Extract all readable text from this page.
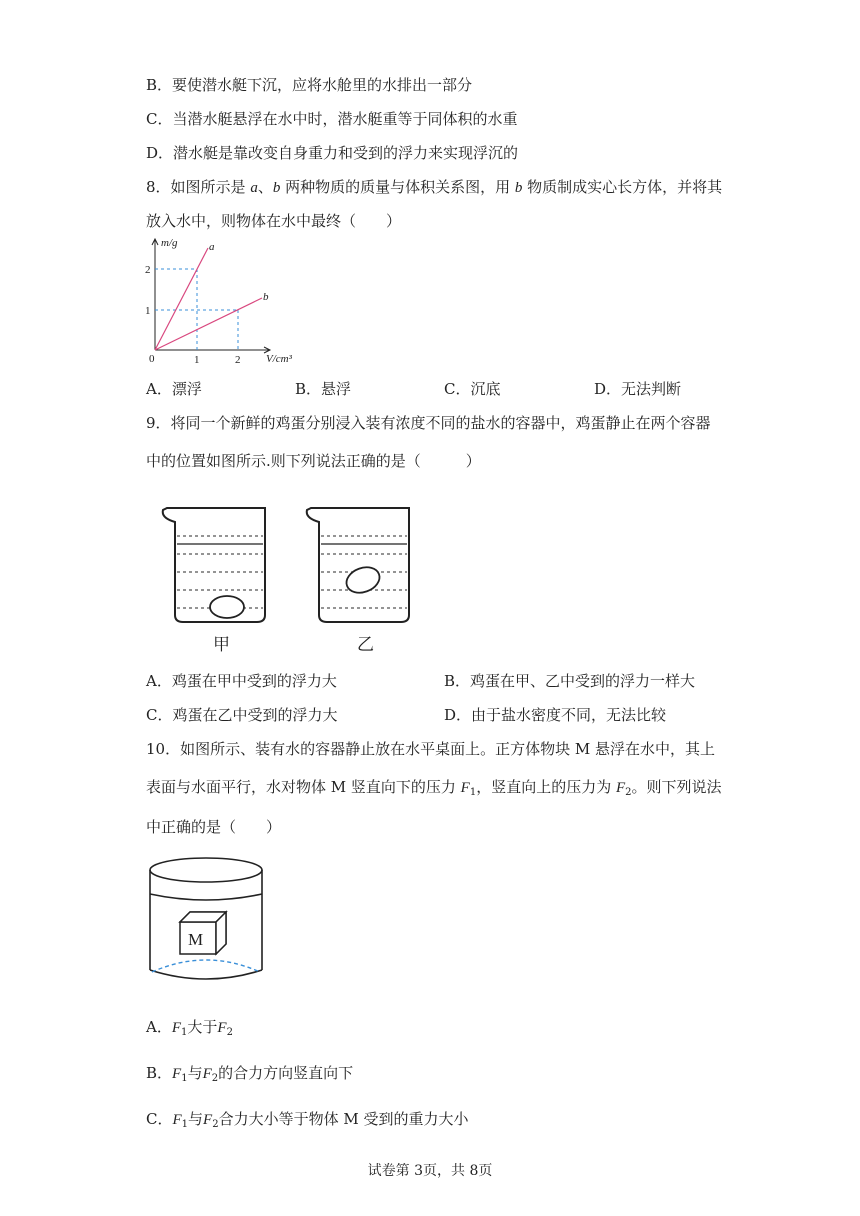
B．要使潜水艇下沉，应将水舱里的水排出一部分
C．当潜水艇悬浮在水中时，潜水艇重等于同体积的水重
D．潜水艇是靠改变自身重力和受到的浮力来实现浮沉的
8．如图所示是 a、b 两种物质的质量与体积关系图，用 b 物质制成实心长方体，并将其
放入水中，则物体在水中最终（　　）
m/g
V/cm³
0
2
1
1	2
a
b
A．漂浮	B．悬浮	C．沉底	D．无法判断
9．将同一个新鲜的鸡蛋分别浸入装有浓度不同的盐水的容器中，鸡蛋静止在两个容器
中的位置如图所示.则下列说法正确的是（　　　）
甲	乙
A．鸡蛋在甲中受到的浮力大	B．鸡蛋在甲、乙中受到的浮力一样大
C．鸡蛋在乙中受到的浮力大	D．由于盐水密度不同，无法比较
10．如图所示、装有水的容器静止放在水平桌面上。正方体物块 M 悬浮在水中，其上
表面与水面平行，水对物体 M 竖直向下的压力 $F_1$，竖直向上的压力为 $F_2$。则下列说法
中正确的是（　　）
M
A．$F_1$大于$F_2$
B．$F_1$与$F_2$的合力方向竖直向下
C．$F_1$与$F_2$合力大小等于物体 M 受到的重力大小
试卷第 3页，共 8页
